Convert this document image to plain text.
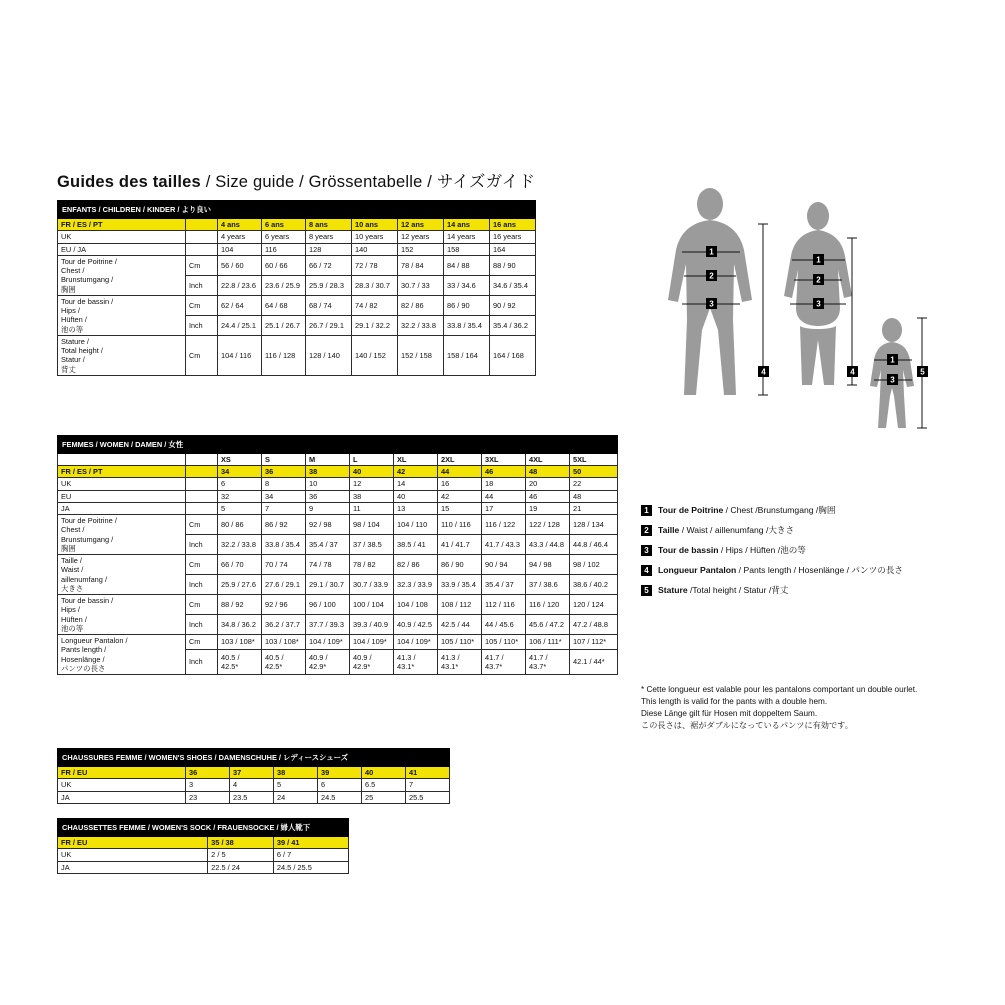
Guides des tailles / Size guide / Grössentabelle / サイズガイド
ENFANTS / CHILDREN / KINDER / より良い								

FR / ES / PT		4 ans	6 ans	8 ans	10 ans	12 ans	14 ans	16 ans

UK		4 years	6 years	8 years	10 years	12 years	14 years	16 years

EU / JA		104	116	128	140	152	158	164

Tour de Poitrine /
Chest /
Brunstumgang /
胸囲	Cm	56 / 60	60 / 66	66 / 72	72 / 78	78 / 84	84 / 88	88 / 90
	Inch	22.8 / 23.6	23.6 / 25.9	25.9 / 28.3	28.3 / 30.7	30.7 / 33	33 / 34.6	34.6 / 35.4

Tour de bassin /
Hips /
Hüften /
池の等	Cm	62 / 64	64 / 68	68 / 74	74 / 82	82 / 86	86 / 90	90 / 92
	Inch	24.4 / 25.1	25.1 / 26.7	26.7 / 29.1	29.1 / 32.2	32.2 / 33.8	33.8 / 35.4	35.4 / 36.2

Stature /
Total height /
Statur /
背丈	Cm	104 / 116	116 / 128	128 / 140	140 / 152	152 / 158	158 / 164	164 / 168
FEMMES / WOMEN / DAMEN / 女性										
		XS	S	M	L	XL	2XL	3XL	4XL	5XL

FR / ES / PT		34	36	38	40	42	44	46	48	50

UK		6	8	10	12	14	16	18	20	22

EU		32	34	36	38	40	42	44	46	48

JA		5	7	9	11	13	15	17	19	21

Tour de Poitrine /
Chest /
Brunstumgang /
胸囲	Cm	80 / 86	86 / 92	92 / 98	98 / 104	104 / 110	110 / 116	116 / 122	122 / 128	128 / 134
	Inch	32.2 / 33.8	33.8 / 35.4	35.4 / 37	37 / 38.5	38.5 / 41	41 / 41.7	41.7 / 43.3	43.3 / 44.8	44.8 / 46.4

Taille /
Waist /
aillenumfang /
大きさ	Cm	66 / 70	70 / 74	74 / 78	78 / 82	82 / 86	86 / 90	90 / 94	94 / 98	98 / 102
	Inch	25.9 / 27.6	27.6 / 29.1	29.1 / 30.7	30.7 / 33.9	32.3 / 33.9	33.9 / 35.4	35.4 / 37	37 / 38.6	38.6 / 40.2

Tour de bassin /
Hips /
Hüften /
池の等	Cm	88 / 92	92 / 96	96 / 100	100 / 104	104 / 108	108 / 112	112 / 116	116 / 120	120 / 124
	Inch	34.8 / 36.2	36.2 / 37.7	37.7 / 39.3	39.3 / 40.9	40.9 / 42.5	42.5 / 44	44 / 45.6	45.6 / 47.2	47.2 / 48.8

Longueur Pantalon /
Pants length /
Hosenlänge /
パンツの長さ	Cm	103 / 108*	103 / 108*	104 / 109*	104 / 109*	104 / 109*	105 / 110*	105 / 110*	106 / 111*	107 / 112*
	Inch	40.5 / 42.5*	40.5 / 42.5*	40.9 / 42.9*	40.9 / 42.9*	41.3 / 43.1*	41.3 / 43.1*	41.7 / 43.7*	41.7 / 43.7*	42.1 / 44*
CHAUSSURES FEMME / WOMEN'S SHOES / DAMENSCHUHE / レディースシューズ						

FR / EU	36	37	38	39	40	41

UK	3	4	5	6	6.5	7

JA	23	23.5	24	24.5	25	25.5
CHAUSSETTES FEMME / WOMEN'S SOCK / FRAUENSOCKE / 婦人靴下		

FR / EU	35 / 38	39 / 41

UK	2 / 5	6 / 7

JA	22.5 / 24	24.5 / 25.5
1
2
3
4
1
2
3
4
1
3
5
1	Tour de Poitrine / Chest /Brunstumgang /胸囲
2	Taille / Waist / aillenumfang /大きさ
3	Tour de bassin / Hips / Hüften /池の等
4	Longueur Pantalon / Pants length / Hosenlänge / パンツの長さ
5	Stature /Total height / Statur /背丈
* Cette longueur est valable pour les pantalons comportant un double ourlet.
This length is valid for the pants with a double hem.
Diese Länge gilt für Hosen mit doppeltem Saum.
この長さは、裾がダブルになっているパンツに有効です。
